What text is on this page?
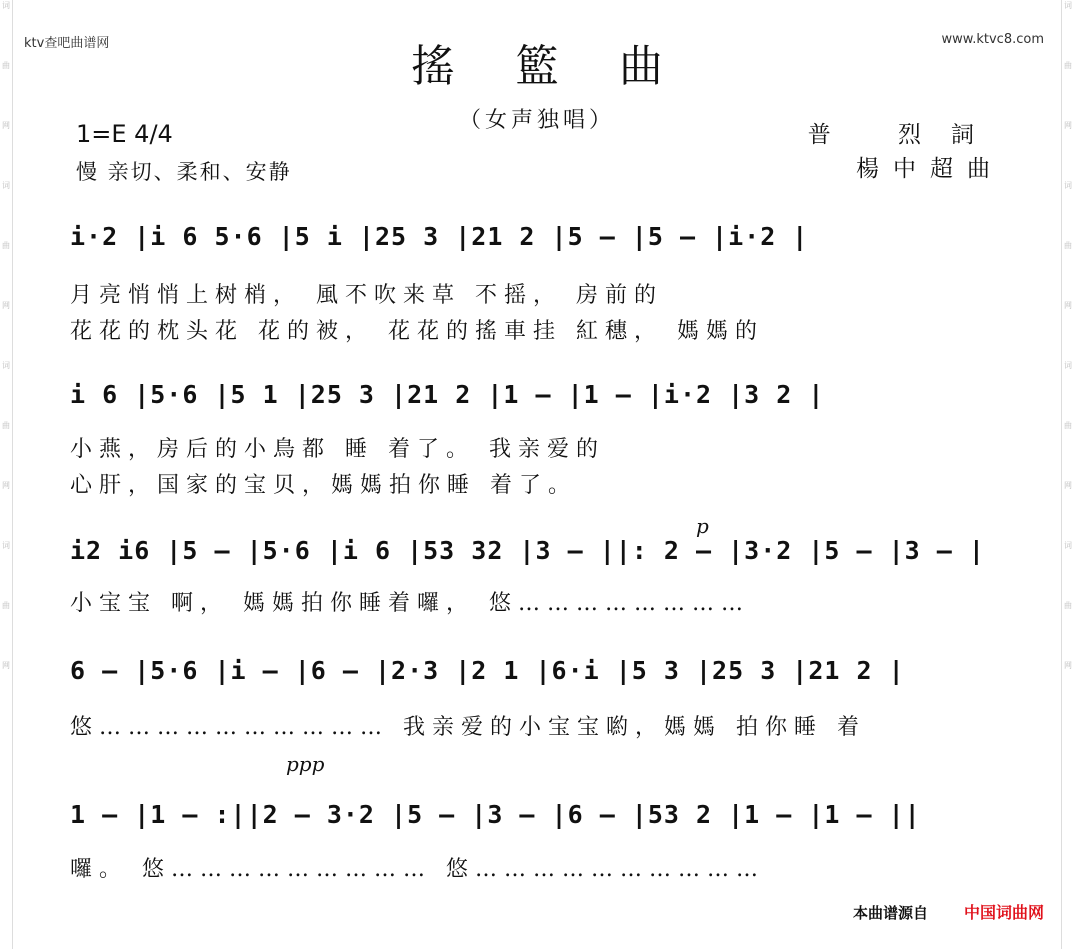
词
曲
网
词
曲
网
词
曲
网
词
曲
网
词
曲
网
词
曲
网
词
曲
网
词
曲
网
ktv查吧曲谱网	www.ktvc8.com
搖籃曲
（女声独唱）
1=E 4/4
慢 亲切、柔和、安静
普 烈詞
楊中超曲
i·2 |i 6 5·6 |5 i |25 3 |21 2 |5 — |5 — |i·2 |
月亮悄悄上树梢， 風不吹来草 不摇， 房前的
花花的枕头花 花的被， 花花的搖車挂 紅穗， 媽媽的
i 6 |5·6 |5 1 |25 3 |21 2 |1 — |1 — |i·2 |3 2 |
小燕，房后的小鳥都 睡 着了。 我亲爱的
心肝，国家的宝贝，媽媽拍你睡 着了。
p
i2 i6 |5 — |5·6 |i 6 |53 32 |3 — ||: 2 — |3·2 |5 — |3 — |
小宝宝 啊， 媽媽拍你睡着囉， 悠……………………
6 — |5·6 |i — |6 — |2·3 |2 1 |6·i |5 3 |25 3 |21 2 |
悠………………………… 我亲爱的小宝宝喲，媽媽 拍你睡 着
ppp
1 — |1 — :||2 — 3·2 |5 — |3 — |6 — |53 2 |1 — |1 — ||
囉。 悠……………………… 悠…………………………
本曲谱源自 中国词曲网
